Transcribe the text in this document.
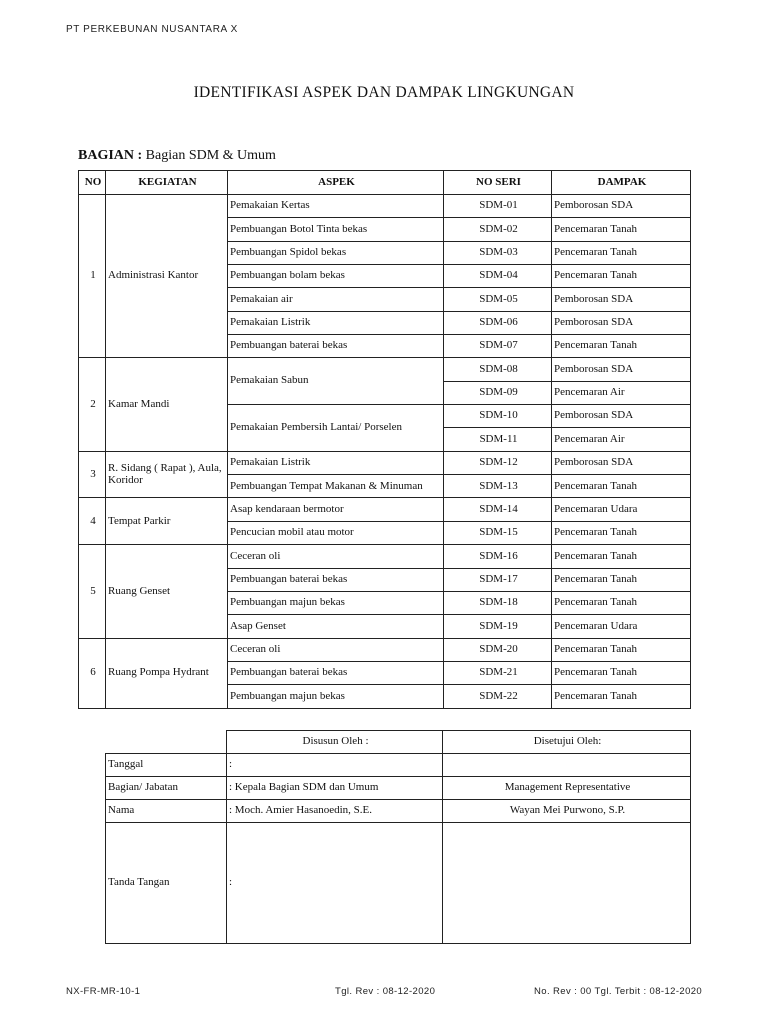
PT PERKEBUNAN NUSANTARA X
IDENTIFIKASI ASPEK DAN DAMPAK LINGKUNGAN
BAGIAN : Bagian SDM & Umum
NO	KEGIATAN	ASPEK	NO SERI	DAMPAK
1	Administrasi Kantor	Pemakaian Kertas	SDM-01	Pemborosan SDA
		Pembuangan Botol Tinta bekas	SDM-02	Pencemaran Tanah
		Pembuangan Spidol bekas	SDM-03	Pencemaran Tanah
		Pembuangan bolam bekas	SDM-04	Pencemaran Tanah
		Pemakaian air	SDM-05	Pemborosan SDA
		Pemakaian Listrik	SDM-06	Pemborosan SDA
		Pembuangan baterai bekas	SDM-07	Pencemaran Tanah
2	Kamar Mandi	Pemakaian Sabun	SDM-08	Pemborosan SDA
			SDM-09	Pencemaran Air
		Pemakaian Pembersih Lantai/ Porselen	SDM-10	Pemborosan SDA
			SDM-11	Pencemaran Air
3	R. Sidang ( Rapat ), Aula, Koridor	Pemakaian Listrik	SDM-12	Pemborosan SDA
		Pembuangan Tempat Makanan & Minuman	SDM-13	Pencemaran Tanah
4	Tempat Parkir	Asap kendaraan bermotor	SDM-14	Pencemaran Udara
		Pencucian mobil atau motor	SDM-15	Pencemaran Tanah
5	Ruang Genset	Ceceran oli	SDM-16	Pencemaran Tanah
		Pembuangan baterai bekas	SDM-17	Pencemaran Tanah
		Pembuangan majun bekas	SDM-18	Pencemaran Tanah
		Asap Genset	SDM-19	Pencemaran Udara
6	Ruang Pompa Hydrant	Ceceran oli	SDM-20	Pencemaran Tanah
		Pembuangan baterai bekas	SDM-21	Pencemaran Tanah
		Pembuangan majun bekas	SDM-22	Pencemaran Tanah
	Disusun Oleh :	Disetujui Oleh:
Tanggal	:	
Bagian/ Jabatan	: Kepala Bagian SDM dan Umum	Management Representative
Nama	: Moch. Amier Hasanoedin, S.E.	Wayan Mei Purwono, S.P.
Tanda Tangan	:	
NX-FR-MR-10-1	Tgl. Rev : 08-12-2020	No. Rev : 00 Tgl. Terbit : 08-12-2020
